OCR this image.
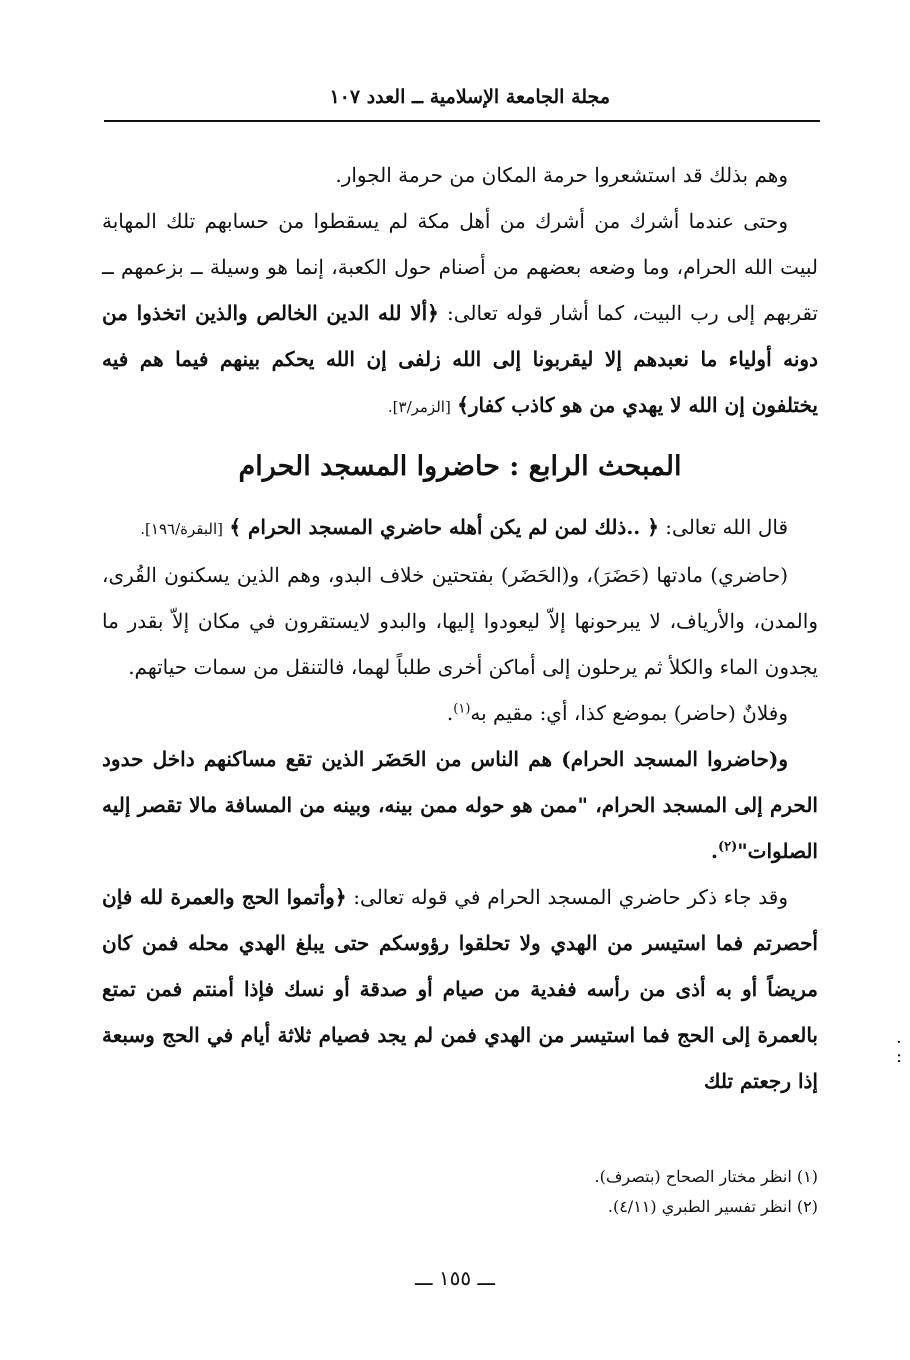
مجلة الجامعة الإسلامية ــ العدد ١٠٧

وهم بذلك قد استشعروا حرمة المكان من حرمة الجوار.

وحتى عندما أشرك من أشرك من أهل مكة لم يسقطوا من حسابهم تلك المهابة لبيت الله الحرام، وما وضعه بعضهم من أصنام حول الكعبة، إنما هو وسيلة ــ بزعمهم ــ تقربهم إلى رب البيت، كما أشار قوله تعالى: ﴿ألا لله الدين الخالص والذين اتخذوا من دونه أولياء ما نعبدهم إلا ليقربونا إلى الله زلفى إن الله يحكم بينهم فيما هم فيه يختلفون إن الله لا يهدي من هو كاذب كفار﴾ [الزمر/٣].

المبحث الرابع : حاضروا المسجد الحرام

قال الله تعالى: ﴿ ..ذلك لمن لم يكن أهله حاضري المسجد الحرام ﴾ [البقرة/١٩٦].

(حاضري) مادتها (حَضَرَ)، و(الحَضَر) بفتحتين خلاف البدو، وهم الذين يسكنون القُرى، والمدن، والأرياف، لا يبرحونها إلاّ ليعودوا إليها، والبدو لايستقرون في مكان إلاّ بقدر ما يجدون الماء والكلأ ثم يرحلون إلى أماكن أخرى طلباً لهما، فالتنقل من سمات حياتهم.

وفلانٌ (حاضر) بموضع كذا، أي: مقيم به$^{(١)}$.

و(حاضروا المسجد الحرام) هم الناس من الحَضَر الذين تقع مساكنهم داخل حدود الحرم إلى المسجد الحرام، "ممن هو حوله ممن بينه، وبينه من المسافة مالا تقصر إليه الصلوات"$^{(٢)}$.

وقد جاء ذكر حاضري المسجد الحرام في قوله تعالى: ﴿وأتموا الحج والعمرة لله فإن أحصرتم فما استيسر من الهدي ولا تحلقوا رؤوسكم حتى يبلغ الهدي محله فمن كان مريضاً أو به أذى من رأسه ففدية من صيام أو صدقة أو نسك فإذا أمنتم فمن تمتع بالعمرة إلى الحج فما استيسر من الهدي فمن لم يجد فصيام ثلاثة أيام في الحج وسبعة إذا رجعتم تلك

(١) انظر مختار الصحاح (بتصرف).

(٢) انظر تفسير الطبري (٤/١١).

ـــ ١٥٥ ـــ
· :
